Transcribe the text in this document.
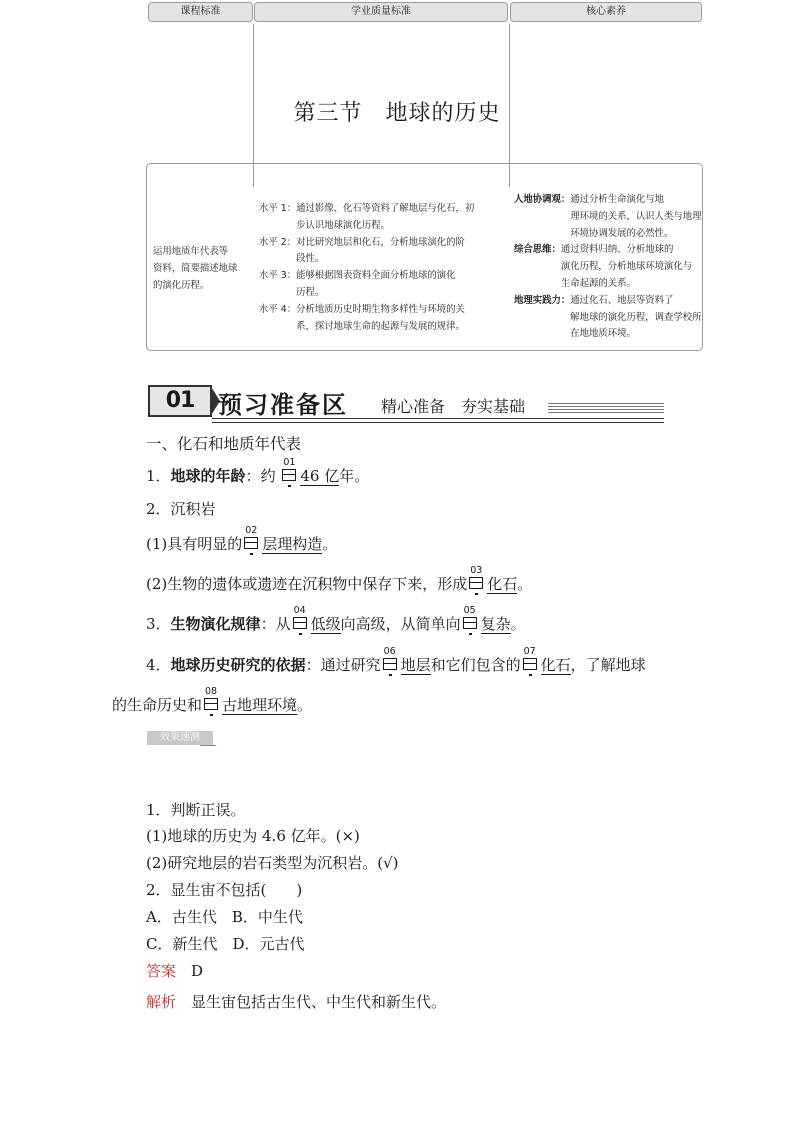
第三节　地球的历史
课程标准	学业质量标准	核心素养
运用地质年代表等
资料，简要描述地球
的演化历程。
水平 1： 通过影像、化石等资料了解地层与化石，初
步认识地球演化历程。
水平 2： 对比研究地层和化石，分析地球演化的阶
段性。
水平 3： 能够根据图表资料全面分析地球的演化
历程。
水平 4： 分析地质历史时期生物多样性与环境的关
系，探讨地球生命的起源与发展的规律。
人地协调观： 通过分析生命演化与地
理环境的关系，认识人类与地理
环境协调发展的必然性。
综合思维： 通过资料归纳、分析地球的
演化历程，分析地球环境演化与
生命起源的关系。
地理实践力： 通过化石、地层等资料了
解地球的演化历程，调查学校所
在地地质环境。
01 预习准备区 精心准备　夯实基础
一、化石和地质年代表
1．地球的年龄：约
01
46 亿年。
2．沉积岩
(1)具有明显的
02
层理构造。
(2)生物的遗体或遗迹在沉积物中保存下来，形成
03
化石。
3．生物演化规律：从
04
低级向高级，从简单向
05
复杂。
4．地球历史研究的依据：通过研究
06
地层和它们包含的
07
化石，了解地球
的生命历史和
08
古地理环境。
效果速测
1．判断正误。
(1)地球的历史为 4.6 亿年。(×)
(2)研究地层的岩石类型为沉积岩。(√)
2．显生宙不包括(　　)
A．古生代　B．中生代
C．新生代　D．元古代
答案　 D
解析　 显生宙包括古生代、中生代和新生代。
